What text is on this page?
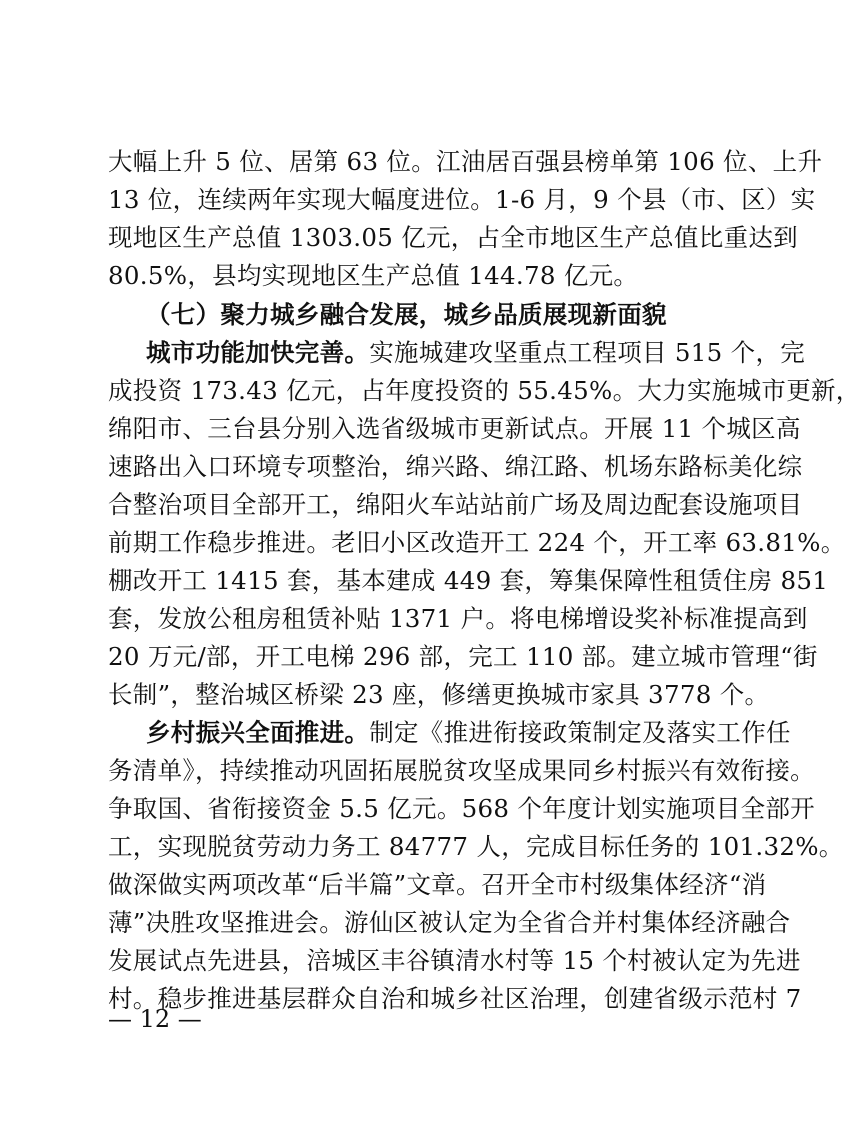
大幅上升 5 位、居第 63 位。江油居百强县榜单第 106 位、上升
13 位，连续两年实现大幅度进位。1-6 月，9 个县（市、区）实
现地区生产总值 1303.05 亿元，占全市地区生产总值比重达到
80.5%，县均实现地区生产总值 144.78 亿元。
（七）聚力城乡融合发展，城乡品质展现新面貌
城市功能加快完善。实施城建攻坚重点工程项目 515 个，完
成投资 173.43 亿元，占年度投资的 55.45%。大力实施城市更新，
绵阳市、三台县分别入选省级城市更新试点。开展 11 个城区高
速路出入口环境专项整治，绵兴路、绵江路、机场东路标美化综
合整治项目全部开工，绵阳火车站站前广场及周边配套设施项目
前期工作稳步推进。老旧小区改造开工 224 个，开工率 63.81%。
棚改开工 1415 套，基本建成 449 套，筹集保障性租赁住房 851
套，发放公租房租赁补贴 1371 户。将电梯增设奖补标准提高到
20 万元/部，开工电梯 296 部，完工 110 部。建立城市管理“街
长制”，整治城区桥梁 23 座，修缮更换城市家具 3778 个。
乡村振兴全面推进。制定《推进衔接政策制定及落实工作任
务清单》，持续推动巩固拓展脱贫攻坚成果同乡村振兴有效衔接。
争取国、省衔接资金 5.5 亿元。568 个年度计划实施项目全部开
工，实现脱贫劳动力务工 84777 人，完成目标任务的 101.32%。
做深做实两项改革“后半篇”文章。召开全市村级集体经济“消
薄”决胜攻坚推进会。游仙区被认定为全省合并村集体经济融合
发展试点先进县，涪城区丰谷镇清水村等 15 个村被认定为先进
村。稳步推进基层群众自治和城乡社区治理，创建省级示范村 7
— 12 —
